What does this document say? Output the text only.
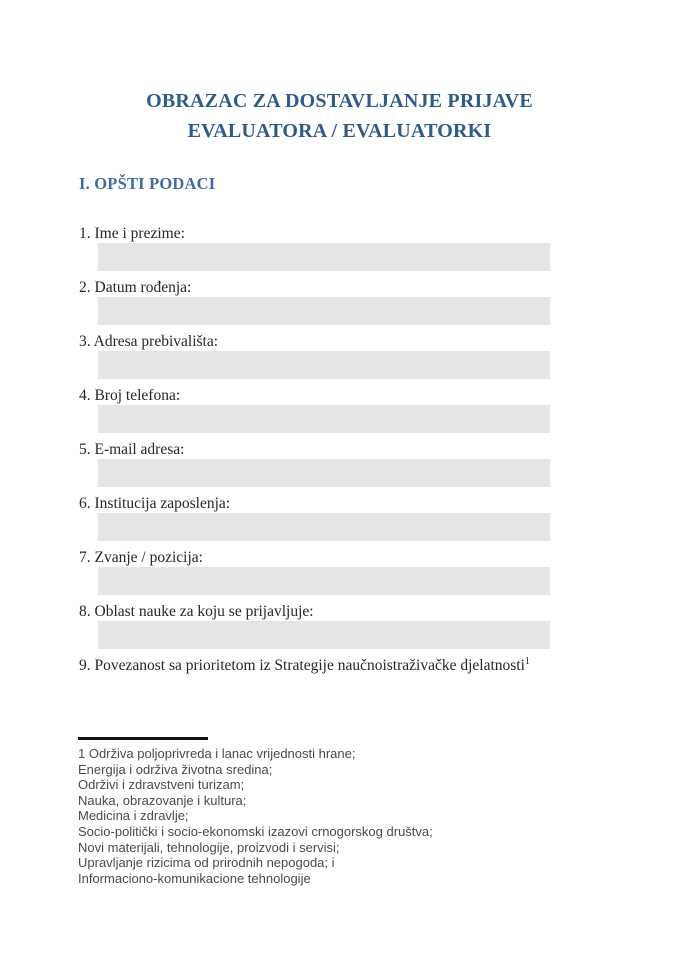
OBRAZAC ZA DOSTAVLJANJE PRIJAVE
EVALUATORA / EVALUATORKI
I. OPŠTI PODACI
1. Ime i prezime:
2. Datum rođenja:
3. Adresa prebivališta:
4. Broj telefona:
5. E-mail adresa:
6. Institucija zaposlenja:
7. Zvanje / pozicija:
8. Oblast nauke za koju se prijavljuje:
9. Povezanost sa prioritetom iz Strategije naučnoistraživačke djelatnosti$^1$
1 Održiva poljoprivreda i lanac vrijednosti hrane;
Energija i održiva životna sredina;
Održivi i zdravstveni turizam;
Nauka, obrazovanje i kultura;
Medicina i zdravlje;
Socio-politički i socio-ekonomski izazovi crnogorskog društva;
Novi materijali, tehnologije, proizvodi i servisi;
Upravljanje rizicima od prirodnih nepogoda; i
Informaciono-komunikacione tehnologije
